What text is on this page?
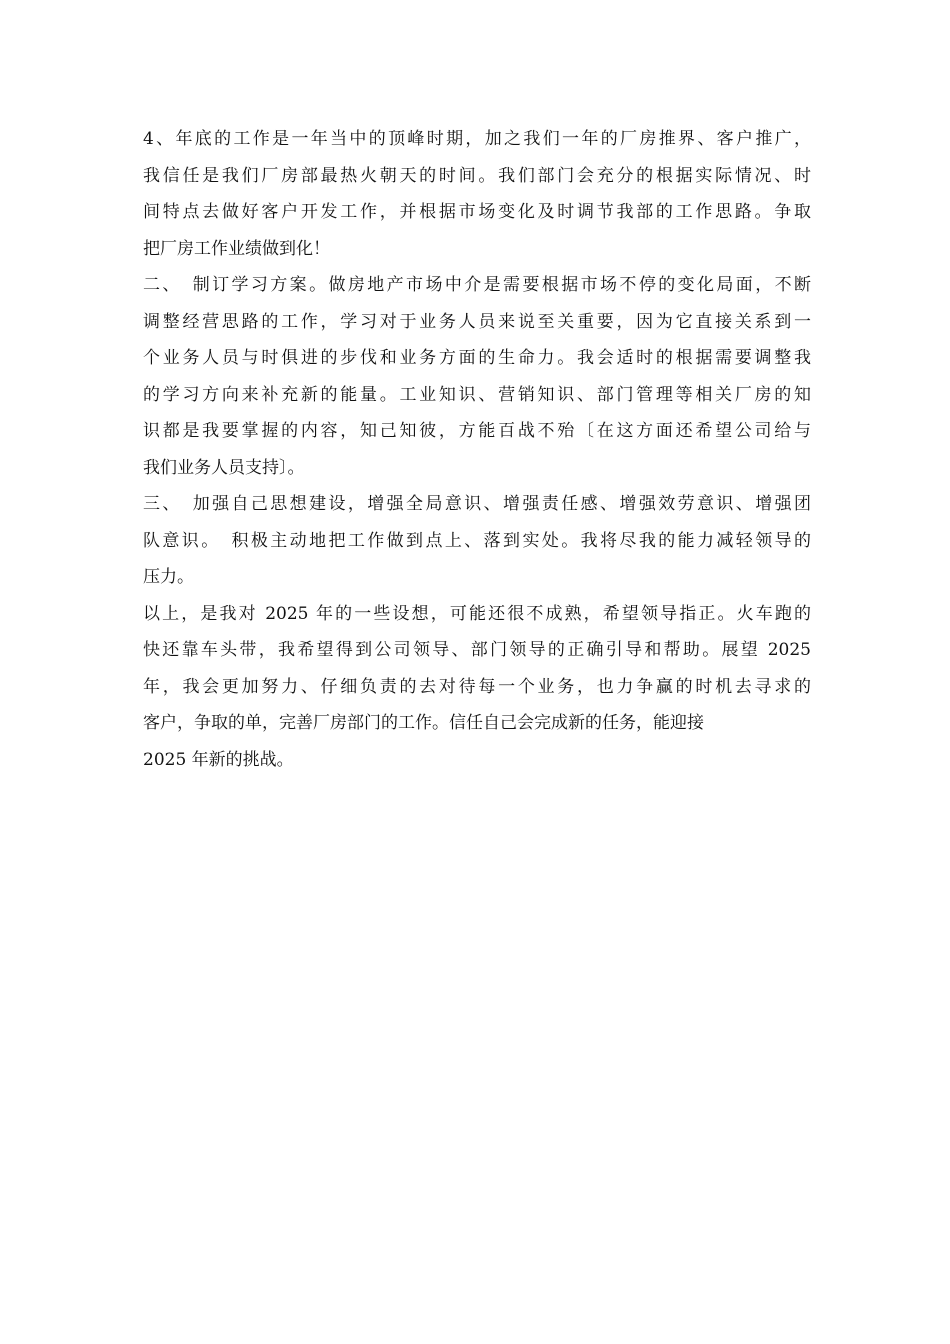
4、年底的工作是一年当中的顶峰时期，加之我们一年的厂房推界、客户推广，
我信任是我们厂房部最热火朝天的时间。我们部门会充分的根据实际情况、时
间特点去做好客户开发工作，并根据市场变化及时调节我部的工作思路。争取
把厂房工作业绩做到化！
二、　制订学习方案。做房地产市场中介是需要根据市场不停的变化局面，不断
调整经营思路的工作，学习对于业务人员来说至关重要，因为它直接关系到一
个业务人员与时俱进的步伐和业务方面的生命力。我会适时的根据需要调整我
的学习方向来补充新的能量。工业知识、营销知识、部门管理等相关厂房的知
识都是我要掌握的内容，知己知彼，方能百战不殆〔在这方面还希望公司给与
我们业务人员支持〕。
三、　加强自己思想建设，增强全局意识、增强责任感、增强效劳意识、增强团
队意识。　积极主动地把工作做到点上、落到实处。我将尽我的能力减轻领导的
压力。
以上，是我对 2025 年的一些设想，可能还很不成熟，希望领导指正。火车跑的
快还靠车头带，我希望得到公司领导、部门领导的正确引导和帮助。展望 2025
年，我会更加努力、仔细负责的去对待每一个业务，也力争赢的时机去寻求的
客户，争取的单，完善厂房部门的工作。信任自己会完成新的任务，能迎接
2025 年新的挑战。
